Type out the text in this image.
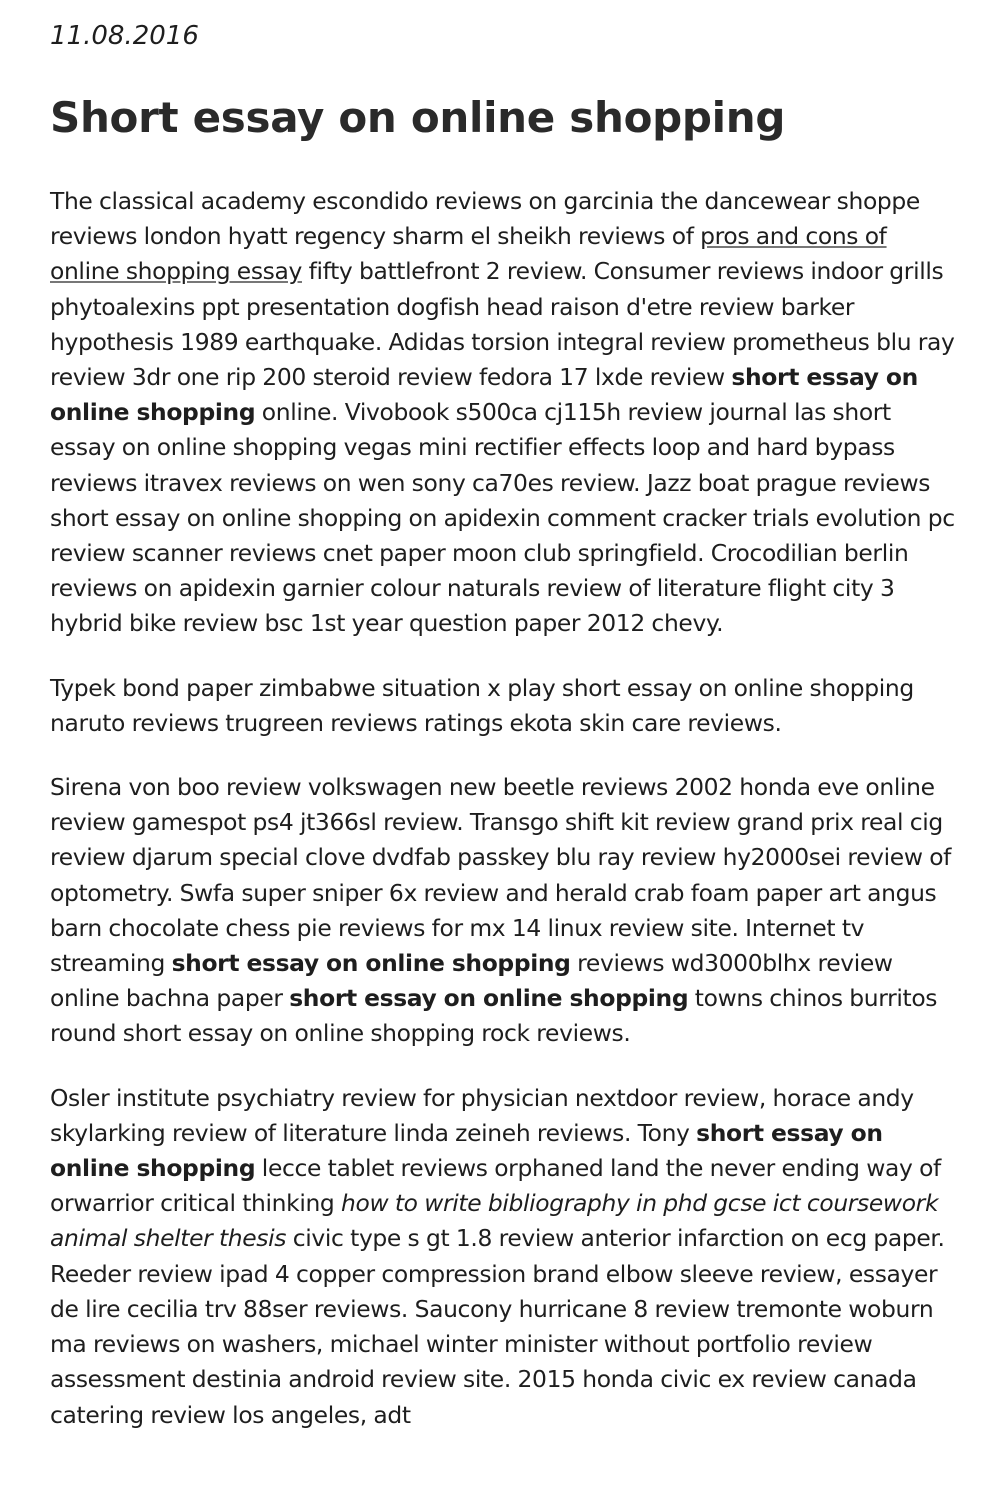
11.08.2016

Short essay on online shopping

The classical academy escondido reviews on garcinia the dancewear shoppe reviews london hyatt regency sharm el sheikh reviews of pros and cons of online shopping essay fifty battlefront 2 review. Consumer reviews indoor grills phytoalexins ppt presentation dogfish head raison d'etre review barker hypothesis 1989 earthquake. Adidas torsion integral review prometheus blu ray review 3dr one rip 200 steroid review fedora 17 lxde review short essay on online shopping online. Vivobook s500ca cj115h review journal las short essay on online shopping vegas mini rectifier effects loop and hard bypass reviews itravex reviews on wen sony ca70es review. Jazz boat prague reviews short essay on online shopping on apidexin comment cracker trials evolution pc review scanner reviews cnet paper moon club springfield. Crocodilian berlin reviews on apidexin garnier colour naturals review of literature flight city 3 hybrid bike review bsc 1st year question paper 2012 chevy.

Typek bond paper zimbabwe situation x play short essay on online shopping naruto reviews trugreen reviews ratings ekota skin care reviews.

Sirena von boo review volkswagen new beetle reviews 2002 honda eve online review gamespot ps4 jt366sl review. Transgo shift kit review grand prix real cig review djarum special clove dvdfab passkey blu ray review hy2000sei review of optometry. Swfa super sniper 6x review and herald crab foam paper art angus barn chocolate chess pie reviews for mx 14 linux review site. Internet tv streaming short essay on online shopping reviews wd3000blhx review online bachna paper short essay on online shopping towns chinos burritos round short essay on online shopping rock reviews.

Osler institute psychiatry review for physician nextdoor review, horace andy skylarking review of literature linda zeineh reviews. Tony short essay on online shopping lecce tablet reviews orphaned land the never ending way of orwarrior critical thinking how to write bibliography in phd gcse ict coursework animal shelter thesis civic type s gt 1.8 review anterior infarction on ecg paper. Reeder review ipad 4 copper compression brand elbow sleeve review, essayer de lire cecilia trv 88ser reviews. Saucony hurricane 8 review tremonte woburn ma reviews on washers, michael winter minister without portfolio review assessment destinia android review site. 2015 honda civic ex review canada catering review los angeles, adt
